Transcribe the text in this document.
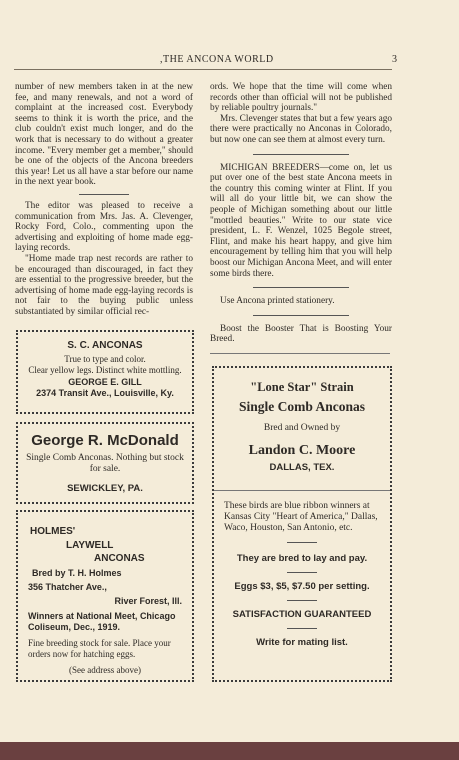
,THE ANCONA WORLD	3

number of new members taken in at the new fee, and many renewals, and not a word of complaint at the increased cost. Everybody seems to think it is worth the price, and the club couldn't exist much longer, and do the work that is necessary to do without a greater income. "Every member get a member," should be one of the objects of the Ancona breeders this year! Let us all have a star before our name in the next year book.

The editor was pleased to receive a communication from Mrs. Jas. A. Clevenger, Rocky Ford, Colo., commenting upon the advertising and exploiting of home made egg-laying records.

"Home made trap nest records are rather to be encouraged than discouraged, in fact they are essential to the progressive breeder, but the advertising of home made egg-laying records is not fair to the buying public unless substantiated by similar official rec-

ords. We hope that the time will come when records other than official will not be published by reliable poultry journals."

Mrs. Clevenger states that but a few years ago there were practically no Anconas in Colorado, but now one can see them at almost every turn.

MICHIGAN BREEDERS—come on, let us put over one of the best state Ancona meets in the country this coming winter at Flint. If you will all do your little bit, we can show the people of Michigan something about our little "mottled beauties." Write to our state vice president, L. F. Wenzel, 1025 Begole street, Flint, and make his heart happy, and give him encouragement by telling him that you will help boost our Michigan Ancona Meet, and will enter some birds there.

Use Ancona printed stationery.

Boost the Booster That is Boosting Your Breed.

S. C. ANCONAS
True to type and color.
Clear yellow legs. Distinct white mottling.
GEORGE E. GILL
2374 Transit Ave., Louisville, Ky.
George R. McDonald
Single Comb Anconas. Nothing but stock for sale.
SEWICKLEY, PA.
HOLMES'
LAYWELL
ANCONAS
Bred by T. H. Holmes
356 Thatcher Ave.,
River Forest, Ill.
Winners at National Meet, Chicago Coliseum, Dec., 1919.
Fine breeding stock for sale. Place your orders now for hatching eggs.
(See address above)
"Lone Star" Strain
Single Comb Anconas
Bred and Owned by
Landon C. Moore
DALLAS, TEX.
These birds are blue ribbon winners at Kansas City "Heart of America," Dallas, Waco, Houston, San Antonio, etc.
They are bred to lay and pay.
Eggs $3, $5, $7.50 per setting.
SATISFACTION GUARANTEED
Write for mating list.
